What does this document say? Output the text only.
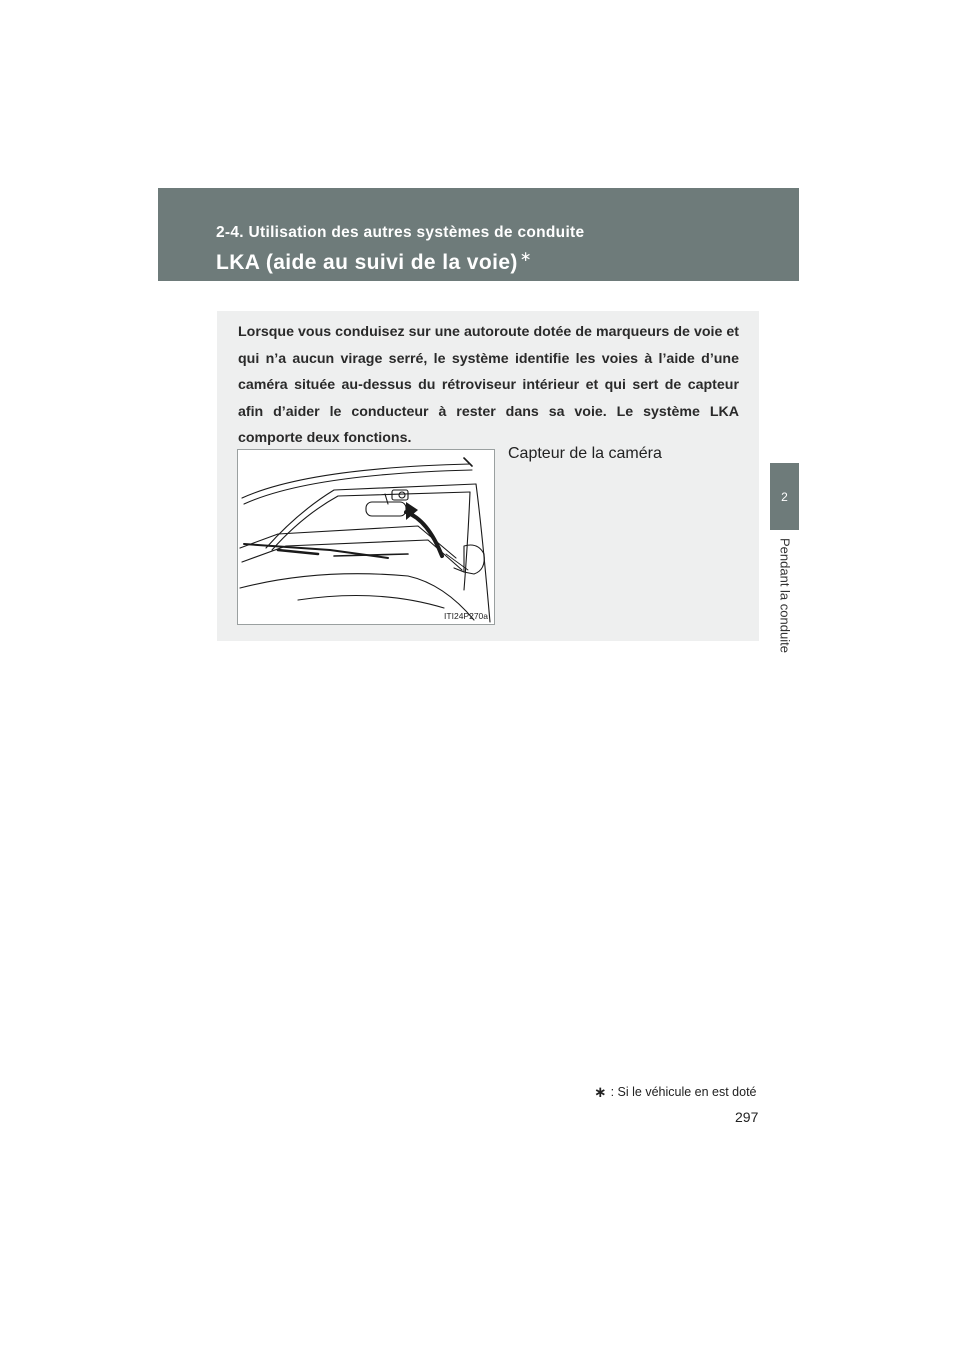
2-4. Utilisation des autres systèmes de conduite
LKA (aide au suivi de la voie) ∗
2
Pendant la conduite

Lorsque vous conduisez sur une autoroute dotée de marqueurs de voie et qui n’a aucun virage serré, le système identifie les voies à l’aide d’une caméra située au-dessus du rétroviseur intérieur et qui sert de capteur afin d’aider le conducteur à rester dans sa voie. Le système LKA comporte deux fonctions.

ITI24P270a

Capteur de la caméra

∗ : Si le véhicule en est doté
297
